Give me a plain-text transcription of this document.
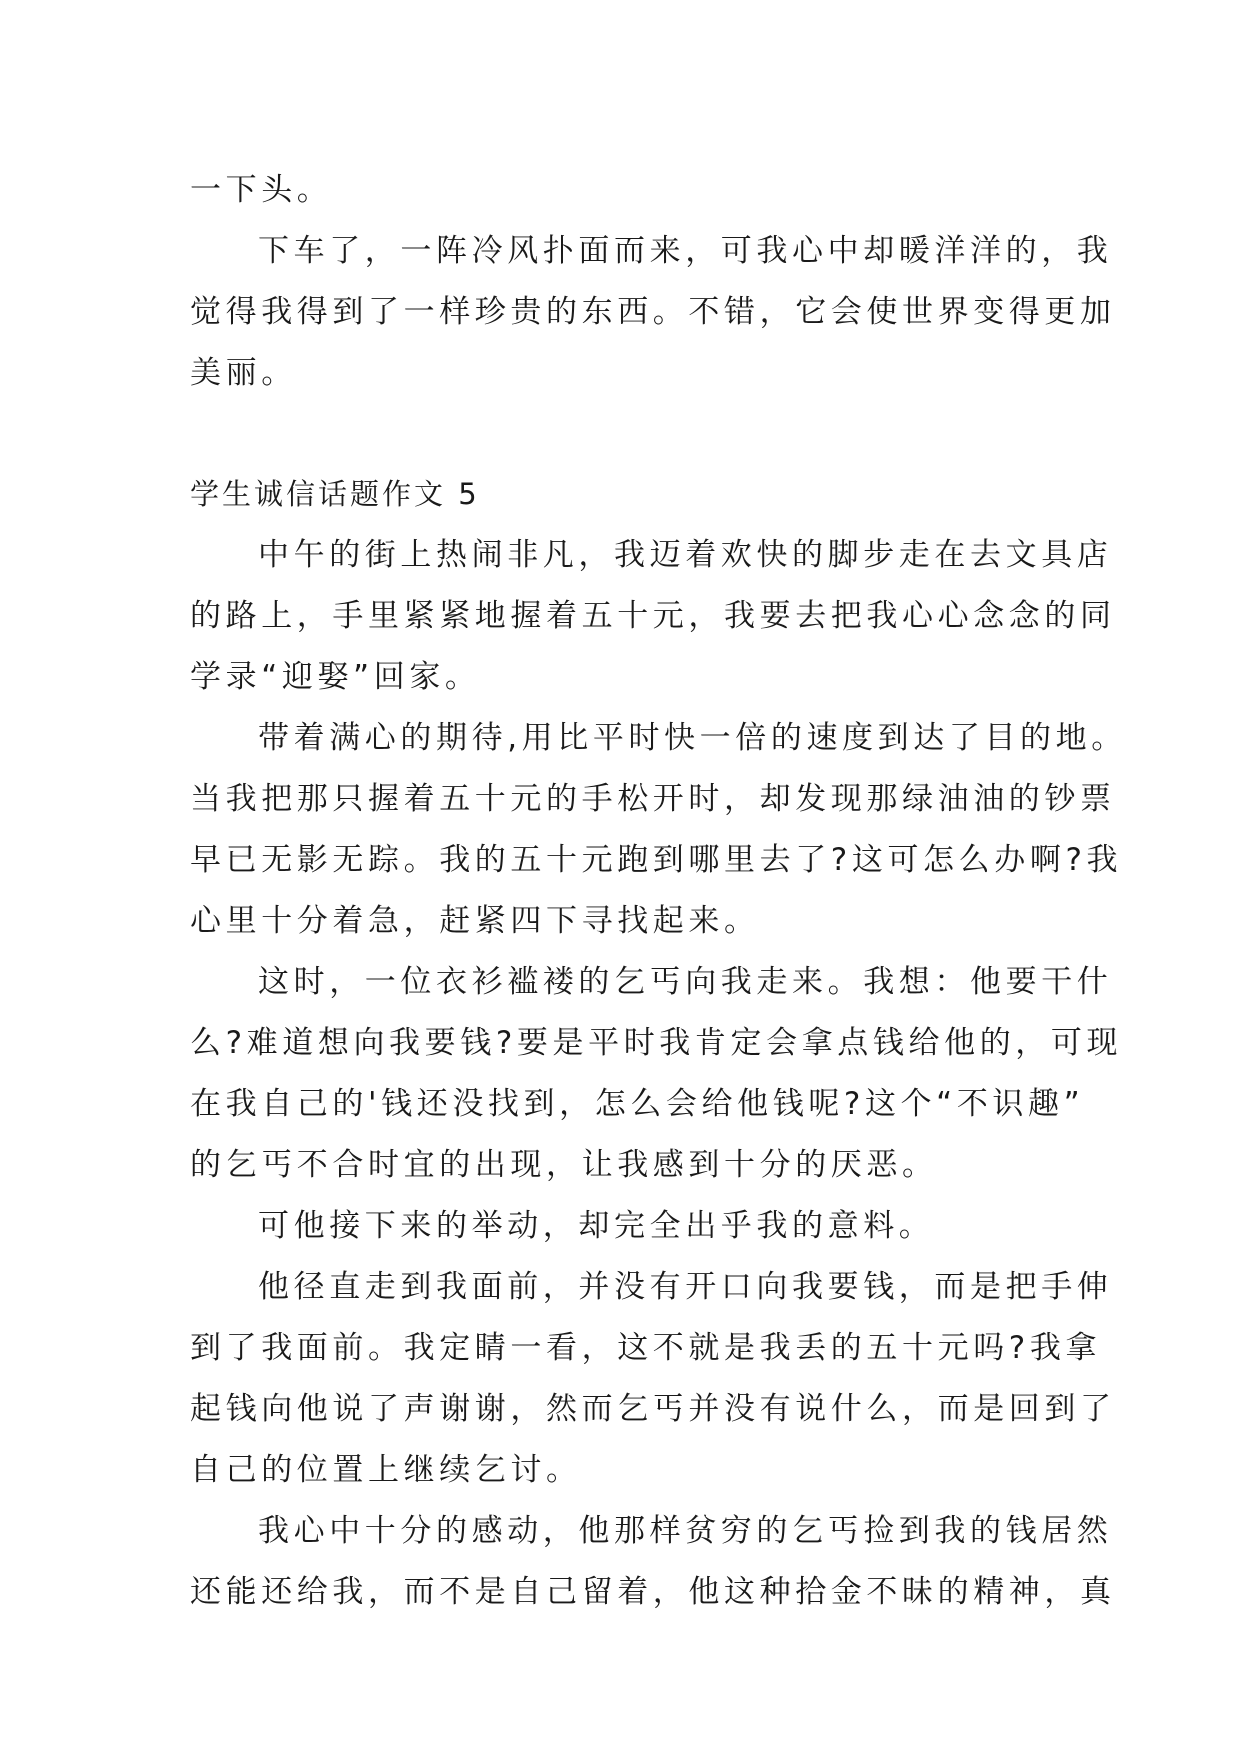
一下头。

下车了，一阵冷风扑面而来，可我心中却暖洋洋的，我

觉得我得到了一样珍贵的东西。不错，它会使世界变得更加

美丽。

学生诚信话题作文 5

中午的街上热闹非凡，我迈着欢快的脚步走在去文具店

的路上，手里紧紧地握着五十元，我要去把我心心念念的同

学录“迎娶”回家。

带着满心的期待,用比平时快一倍的速度到达了目的地。

当我把那只握着五十元的手松开时，却发现那绿油油的钞票

早已无影无踪。我的五十元跑到哪里去了?这可怎么办啊?我

心里十分着急，赶紧四下寻找起来。

这时，一位衣衫褴褛的乞丐向我走来。我想：他要干什

么?难道想向我要钱?要是平时我肯定会拿点钱给他的，可现

在我自己的'钱还没找到，怎么会给他钱呢?这个“不识趣”

的乞丐不合时宜的出现，让我感到十分的厌恶。

可他接下来的举动，却完全出乎我的意料。

他径直走到我面前，并没有开口向我要钱，而是把手伸

到了我面前。我定睛一看，这不就是我丢的五十元吗?我拿

起钱向他说了声谢谢，然而乞丐并没有说什么，而是回到了

自己的位置上继续乞讨。

我心中十分的感动，他那样贫穷的乞丐捡到我的钱居然

还能还给我，而不是自己留着，他这种拾金不昧的精神，真
